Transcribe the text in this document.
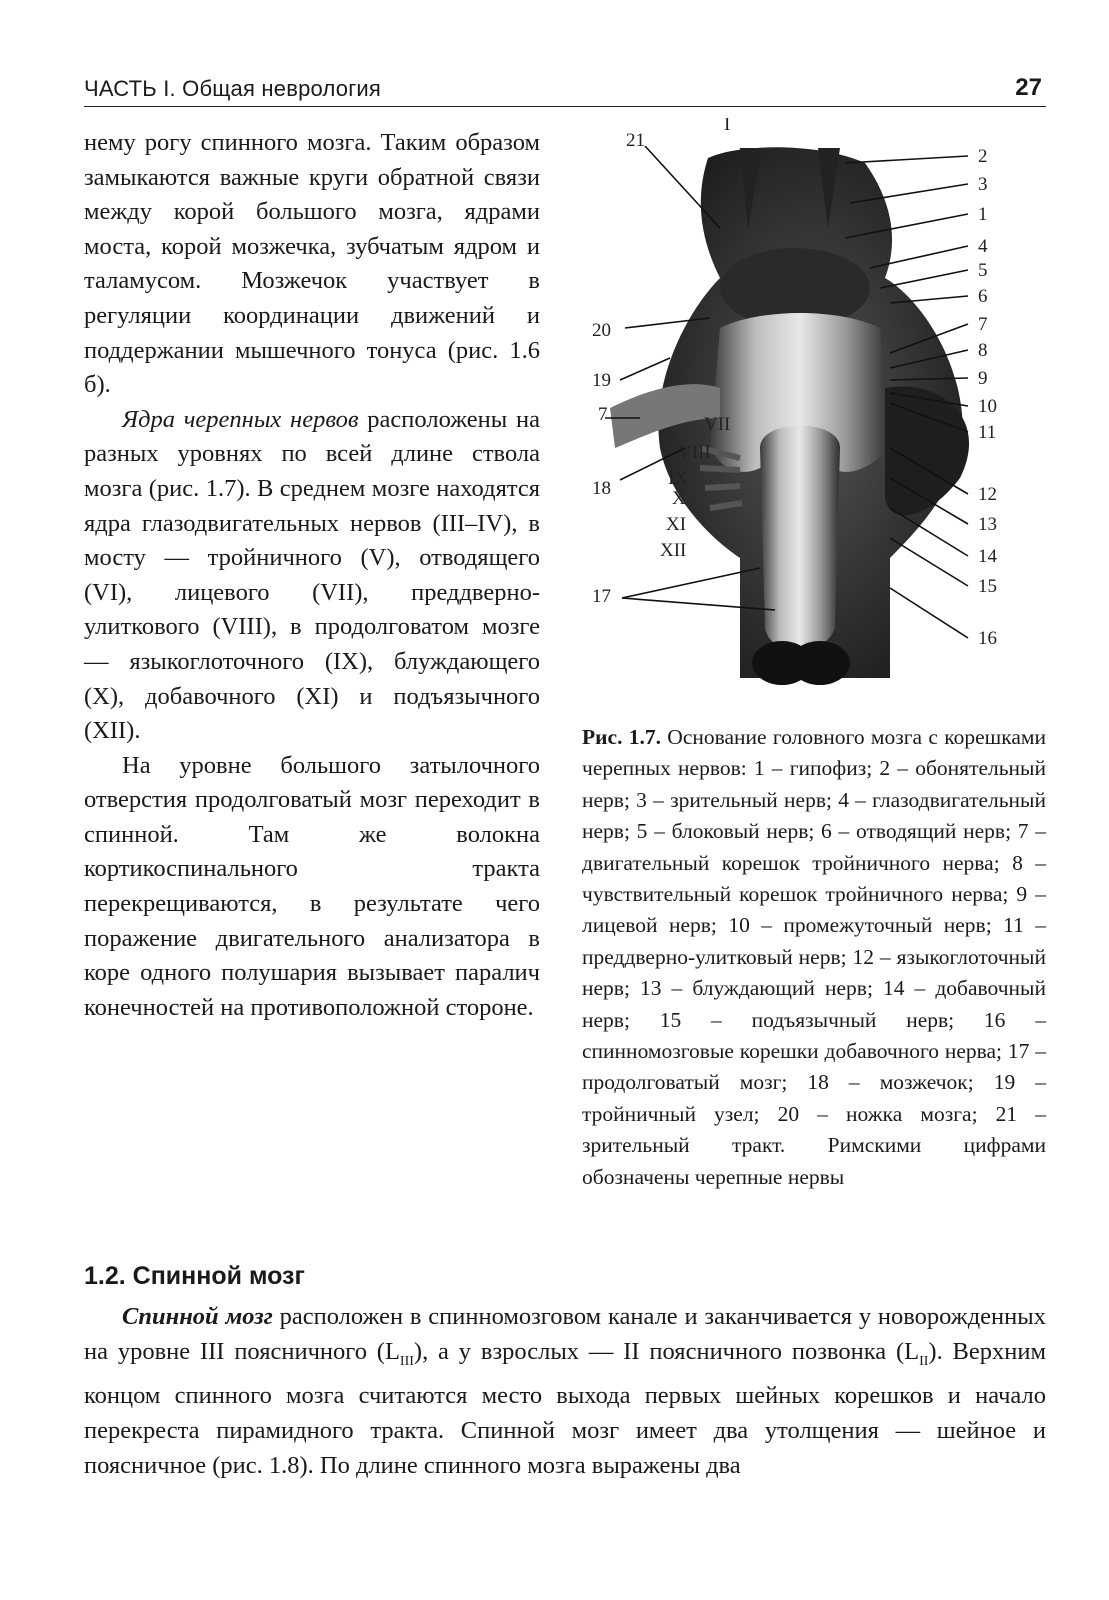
ЧАСТЬ I. Общая неврология	27

нему рогу спинного мозга. Таким образом замыкаются важные круги обратной связи между корой большого мозга, ядрами моста, корой мозжечка, зубчатым ядром и таламусом. Мозжечок участвует в регуляции координации движений и поддержании мышечного тонуса (рис. 1.6 б).

Ядра черепных нервов расположены на разных уровнях по всей длине ствола мозга (рис. 1.7). В среднем мозге находятся ядра глазодвигательных нервов (III–IV), в мосту — тройничного (V), отводящего (VI), лицевого (VII), преддверно-улиткового (VIII), в продолговатом мозге — языкоглоточного (IX), блуждающего (X), добавочного (XI) и подъязычного (XII).

На уровне большого затылочного отверстия продолговатый мозг переходит в спинной. Там же волокна кортикоспинального тракта перекрещиваются, в результате чего поражение двигательного анализатора в коре одного полушария вызывает паралич конечностей на противоположной стороне.

2
3
1
4
5
6
7
8
9
10
11
12
13
14
15
16
21
20
19
7
18
17
I
II
VII
VIII
IX
X
XI
XII
Рис. 1.7. Основание головного мозга с корешками черепных нервов: 1 – гипофиз; 2 – обонятельный нерв; 3 – зрительный нерв; 4 – глазодвигательный нерв; 5 – блоковый нерв; 6 – отводящий нерв; 7 – двигательный корешок тройничного нерва; 8 – чувствительный корешок тройничного нерва; 9 – лицевой нерв; 10 – промежуточный нерв; 11 – преддверно-улитковый нерв; 12 – языкоглоточный нерв; 13 – блуждающий нерв; 14 – добавочный нерв; 15 – подъязычный нерв; 16 – спинномозговые корешки добавочного нерва; 17 – продолговатый мозг; 18 – мозжечок; 19 – тройничный узел; 20 – ножка мозга; 21 – зрительный тракт. Римскими цифрами обозначены черепные нервы
1.2. Спинной мозг

Спинной мозг расположен в спинномозговом канале и заканчивается у новорожденных на уровне III поясничного $(L_{III})$, а у взрослых — II поясничного позвонка $(L_{II})$. Верхним концом спинного мозга считаются место выхода первых шейных корешков и начало перекреста пирамидного тракта. Спинной мозг имеет два утолщения — шейное и поясничное (рис. 1.8). По длине спинного мозга выражены два
